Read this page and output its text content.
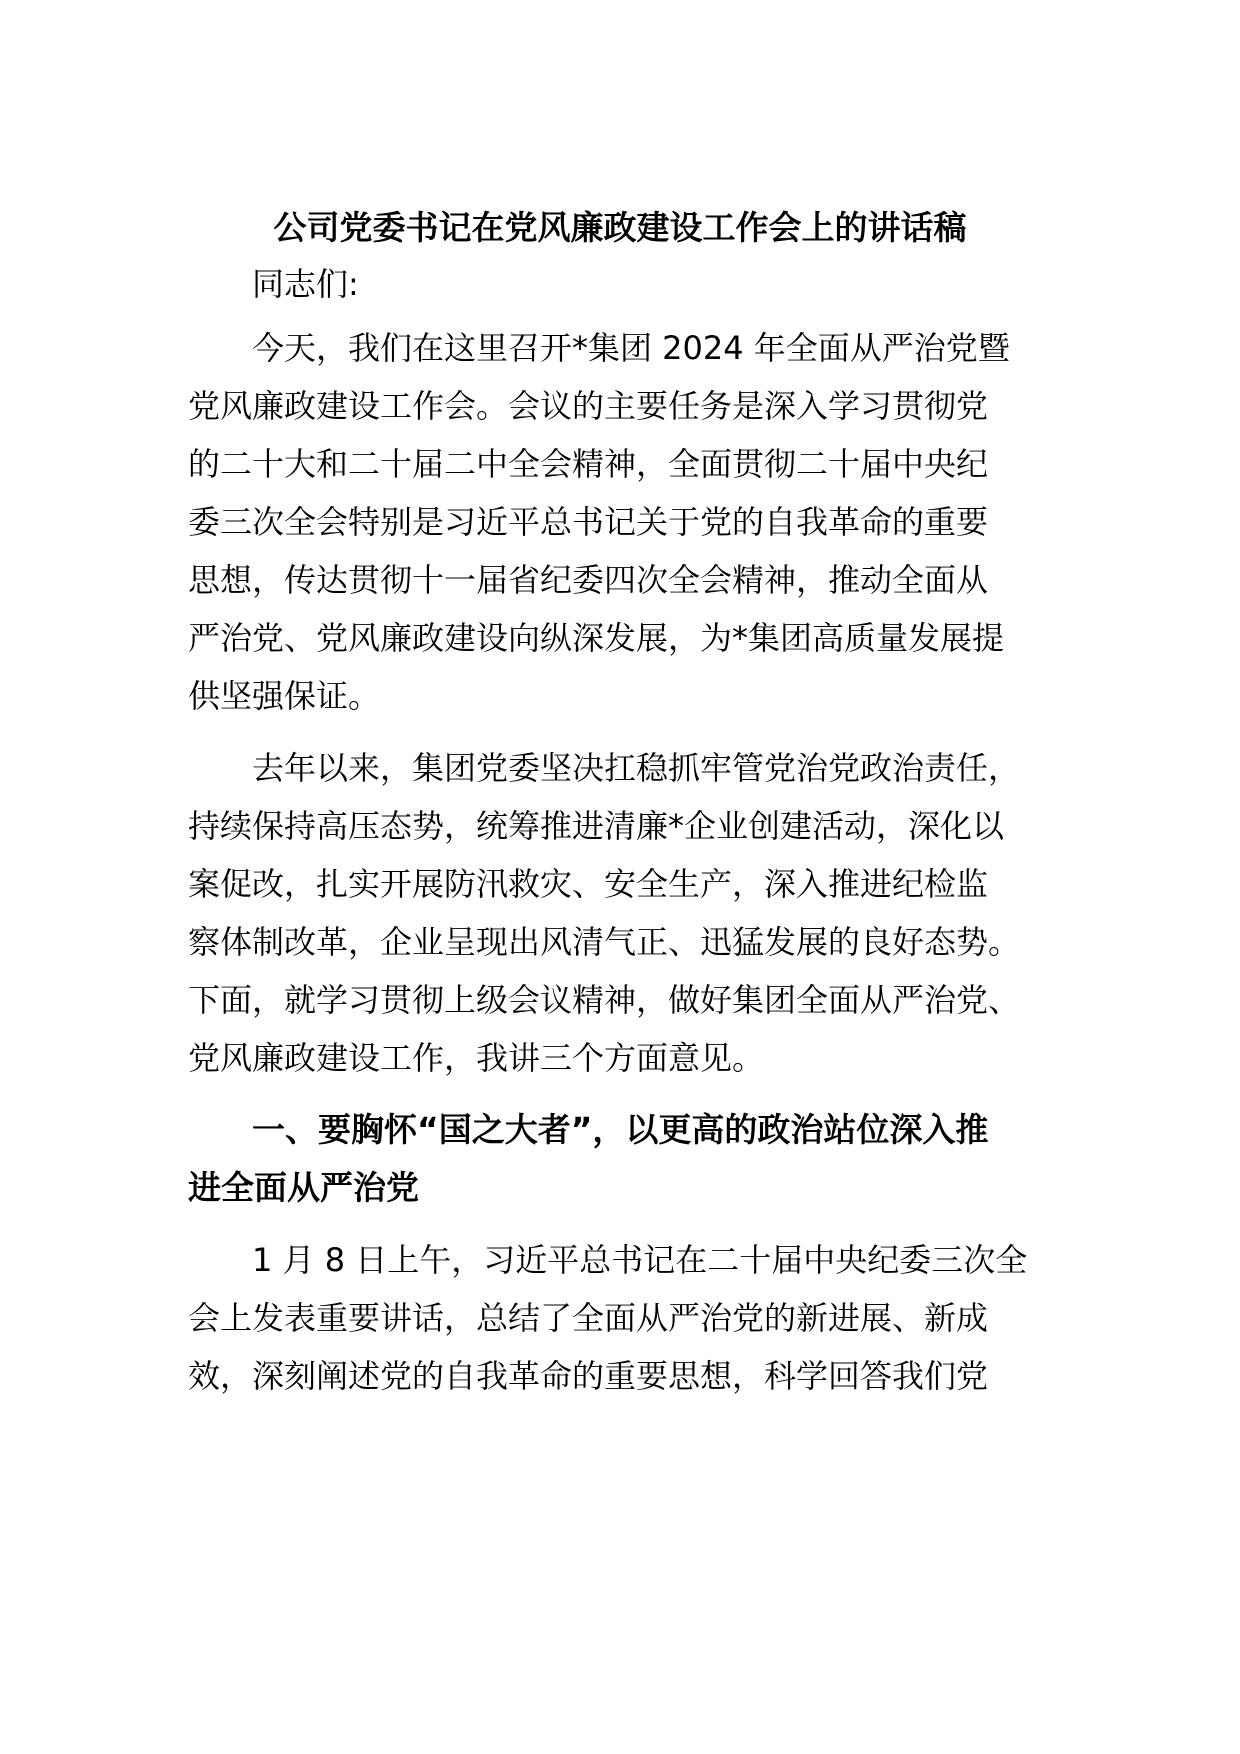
公司党委书记在党风廉政建设工作会上的讲话稿

同志们:

今天，我们在这里召开*集团 2024 年全面从严治党暨

党风廉政建设工作会。会议的主要任务是深入学习贯彻党

的二十大和二十届二中全会精神，全面贯彻二十届中央纪

委三次全会特别是习近平总书记关于党的自我革命的重要

思想，传达贯彻十一届省纪委四次全会精神，推动全面从

严治党、党风廉政建设向纵深发展，为*集团高质量发展提

供坚强保证。

去年以来，集团党委坚决扛稳抓牢管党治党政治责任，

持续保持高压态势，统筹推进清廉*企业创建活动，深化以

案促改，扎实开展防汛救灾、安全生产，深入推进纪检监

察体制改革，企业呈现出风清气正、迅猛发展的良好态势。

下面，就学习贯彻上级会议精神，做好集团全面从严治党、

党风廉政建设工作，我讲三个方面意见。

一、要胸怀“国之大者”，以更高的政治站位深入推

进全面从严治党

1 月 8 日上午，习近平总书记在二十届中央纪委三次全

会上发表重要讲话，总结了全面从严治党的新进展、新成

效，深刻阐述党的自我革命的重要思想，科学回答我们党
